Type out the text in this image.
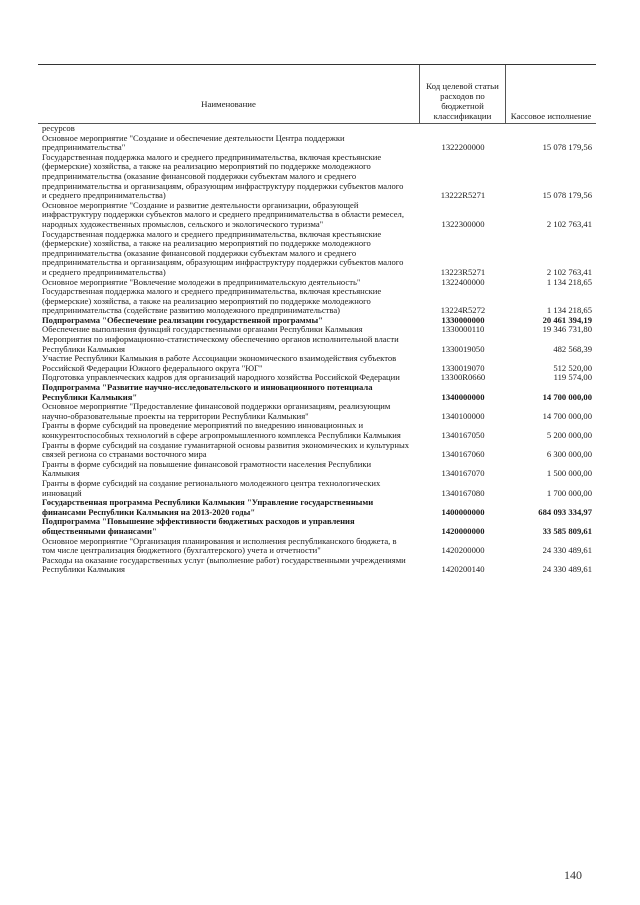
Наименование
Код целевой статьи расходов по бюджетной классификации	Кассовое исполнение
ресурсов
Основное мероприятие "Создание и обеспечение деятельности Центра поддержки предпринимательства"	1322200000	15 078 179,56
Государственная поддержка малого и среднего предпринимательства, включая крестьянские (фермерские) хозяйства, а также на реализацию мероприятий по поддержке молодежного предпринимательства (оказание финансовой поддержки субъектам малого и среднего предпринимательства и организациям, образующим инфраструктуру поддержки субъектов малого и среднего предпринимательства)	13222R5271	15 078 179,56
Основное мероприятие "Создание и развитие деятельности организации, образующей инфраструктуру поддержки субъектов малого и среднего предпринимательства в области ремесел, народных художественных промыслов, сельского и экологического туризма"	1322300000	2 102 763,41
Государственная поддержка малого и среднего предпринимательства, включая крестьянские (фермерские) хозяйства, а также на реализацию мероприятий по поддержке молодежного предпринимательства (оказание финансовой поддержки субъектам малого и среднего предпринимательства и организациям, образующим инфраструктуру поддержки субъектов малого и среднего предпринимательства)	13223R5271	2 102 763,41
Основное мероприятие "Вовлечение молодежи в предпринимательскую деятельность"	1322400000	1 134 218,65
Государственная поддержка малого и среднего предпринимательства, включая крестьянские (фермерские) хозяйства, а также на реализацию мероприятий по поддержке молодежного предпринимательства (содействие развитию молодежного предпринимательства)	13224R5272	1 134 218,65
Подпрограмма "Обеспечение реализации государственной программы"	1330000000	20 461 394,19
Обеспечение выполнения функций государственными органами Республики Калмыкия	1330000110	19 346 731,80
Мероприятия по информационно-статистическому обеспечению органов исполнительной власти Республики Калмыкия	1330019050	482 568,39
Участие Республики Калмыкия в работе Ассоциации экономического взаимодействия субъектов Российской Федерации Южного федерального округа "ЮГ"	1330019070	512 520,00
Подготовка управленческих кадров для организаций народного хозяйства Российской Федерации	13300R0660	119 574,00
Подпрограмма "Развитие научно-исследовательского и инновационного потенциала Республики Калмыкия"	1340000000	14 700 000,00
Основное мероприятие "Предоставление финансовой поддержки организациям, реализующим научно-образовательные проекты на территории Республики Калмыкия"	1340100000	14 700 000,00
Гранты в форме субсидий на проведение мероприятий по внедрению инновационных и конкурентоспособных технологий в сфере агропромышленного комплекса Республики Калмыкия	1340167050	5 200 000,00
Гранты в форме субсидий на создание гуманитарной основы развития экономических и культурных связей региона со странами восточного мира	1340167060	6 300 000,00
Гранты в форме субсидий на повышение финансовой грамотности населения Республики Калмыкия	1340167070	1 500 000,00
Гранты в форме субсидий на создание регионального молодежного центра технологических инноваций	1340167080	1 700 000,00
Государственная программа Республики Калмыкия "Управление государственными финансами Республики Калмыкия на 2013-2020 годы"	1400000000	684 093 334,97
Подпрограмма "Повышение эффективности бюджетных расходов и управления общественными финансами"	1420000000	33 585 809,61
Основное мероприятие "Организация планирования и исполнения республиканского бюджета, в том числе централизация бюджетного (бухгалтерского) учета и отчетности"	1420200000	24 330 489,61
Расходы на оказание государственных услуг (выполнение работ) государственными учреждениями Республики Калмыкия	1420200140	24 330 489,61
140
